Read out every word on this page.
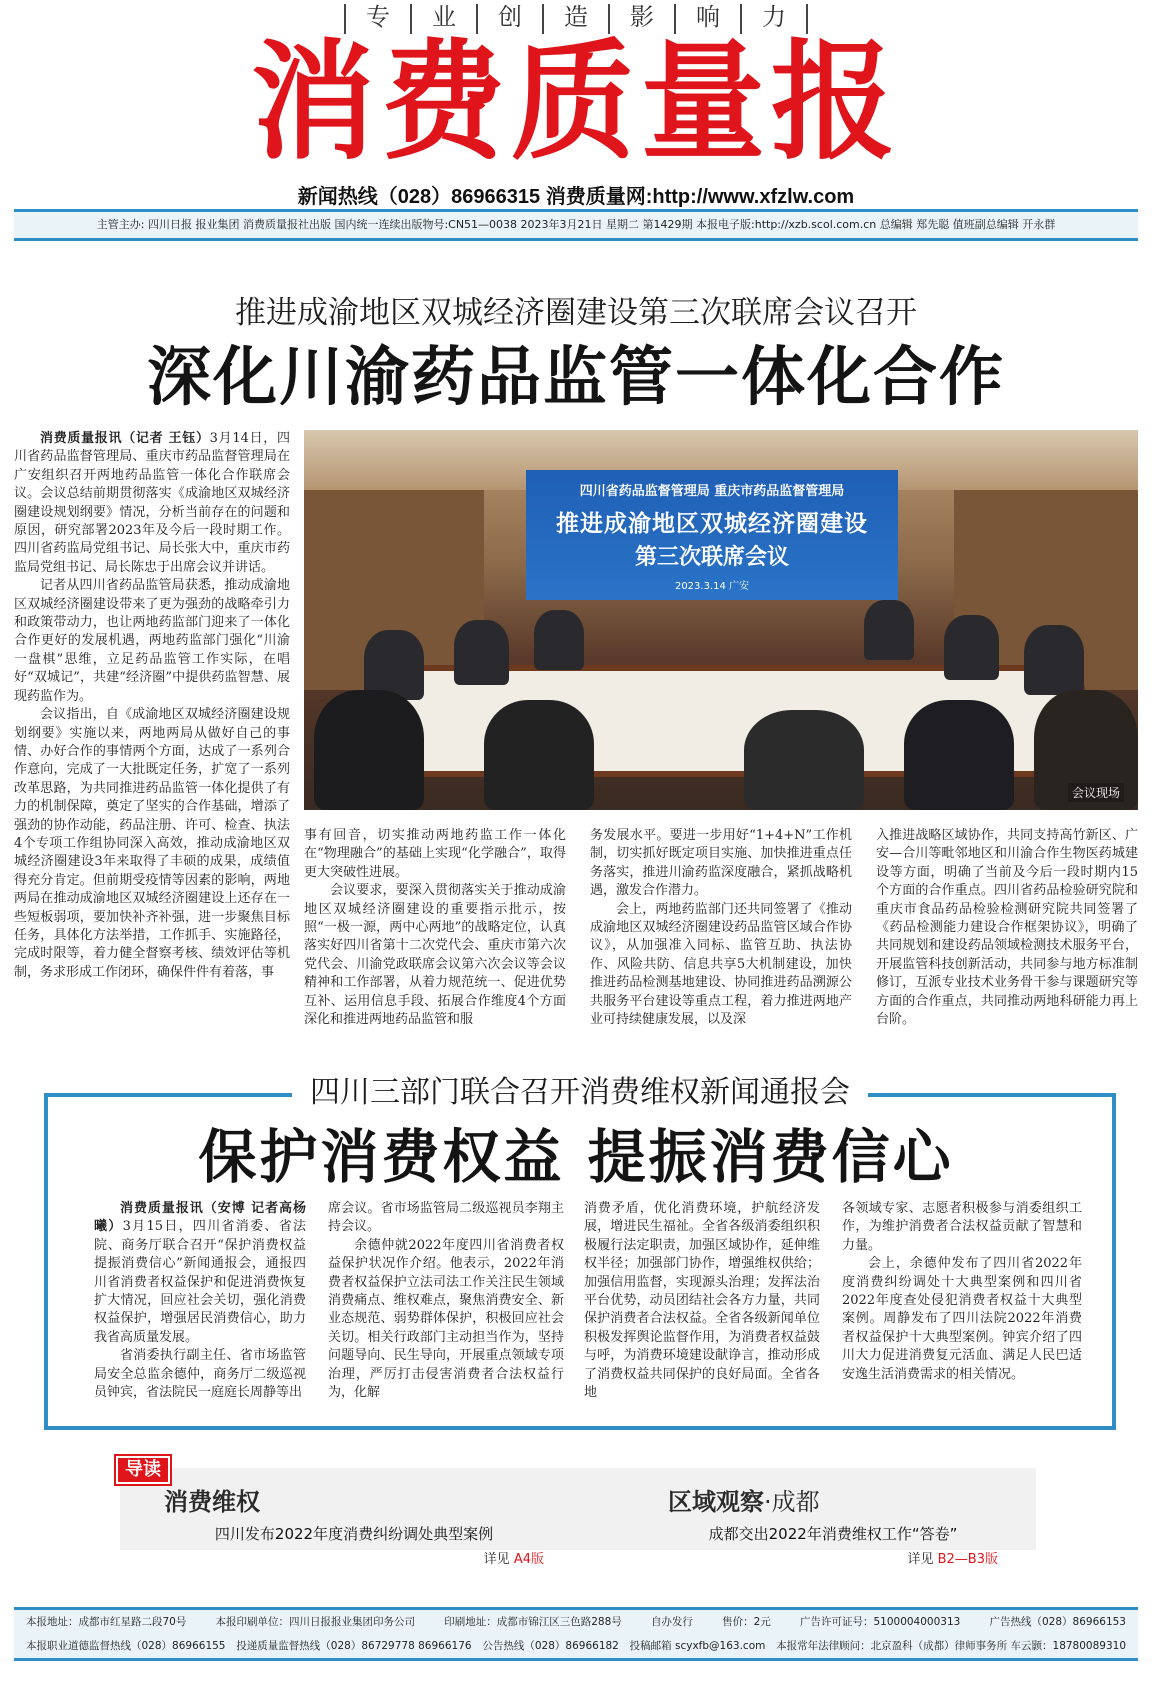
专	业	创	造	影	响	力
消费质量报
新闻热线（028）86966315 消费质量网:http://www.xfzlw.com
主管主办: 四川日报 报业集团 消费质量报社出版 国内统一连续出版物号:CN51—0038 2023年3月21日 星期二 第1429期 本报电子版:http://xzb.scol.com.cn 总编辑 郑先聪 值班副总编辑 开永群
推进成渝地区双城经济圈建设第三次联席会议召开
深化川渝药品监管一体化合作

消费质量报讯（记者 王钰）3月14日，四川省药品监督管理局、重庆市药品监督管理局在广安组织召开两地药品监管一体化合作联席会议。会议总结前期贯彻落实《成渝地区双城经济圈建设规划纲要》情况，分析当前存在的问题和原因，研究部署2023年及今后一段时期工作。四川省药监局党组书记、局长张大中，重庆市药监局党组书记、局长陈忠于出席会议并讲话。

记者从四川省药品监管局获悉，推动成渝地区双城经济圈建设带来了更为强劲的战略牵引力和政策带动力，也让两地药监部门迎来了一体化合作更好的发展机遇，两地药监部门强化“川渝一盘棋”思维，立足药品监管工作实际，在唱好“双城记”，共建“经济圈”中提供药监智慧、展现药监作为。

会议指出，自《成渝地区双城经济圈建设规划纲要》实施以来，两地两局从做好自己的事情、办好合作的事情两个方面，达成了一系列合作意向，完成了一大批既定任务，扩宽了一系列改革思路，为共同推进药品监管一体化提供了有力的机制保障，奠定了坚实的合作基础，增添了强劲的协作动能，药品注册、许可、检查、执法4个专项工作组协同深入高效，推动成渝地区双城经济圈建设3年来取得了丰硕的成果，成绩值得充分肯定。但前期受疫情等因素的影响，两地两局在推动成渝地区双城经济圈建设上还存在一些短板弱项，要加快补齐补强，进一步聚焦目标任务，具体化方法举措，工作抓手、实施路径，完成时限等，着力健全督察考核、绩效评估等机制，务求形成工作闭环，确保件件有着落，事

四川省药品监督管理局 重庆市药品监督管理局
推进成渝地区双城经济圈建设
第三次联席会议
2023.3.14 广安
会议现场

事有回音，切实推动两地药监工作一体化在“物理融合”的基础上实现“化学融合”，取得更大突破性进展。

会议要求，要深入贯彻落实关于推动成渝地区双城经济圈建设的重要指示批示，按照“一极一源，两中心两地”的战略定位，认真落实好四川省第十二次党代会、重庆市第六次党代会、川渝党政联席会议第六次会议等会议精神和工作部署，从着力规范统一、促进优势互补、运用信息手段、拓展合作维度4个方面深化和推进两地药品监管和服

务发展水平。要进一步用好“1+4+N”工作机制，切实抓好既定项目实施、加快推进重点任务落实，推进川渝药监深度融合，紧抓战略机遇，激发合作潜力。

会上，两地药监部门还共同签署了《推动成渝地区双城经济圈建设药品监管区域合作协议》，从加强准入同标、监管互助、执法协作、风险共防、信息共享5大机制建设，加快推进药品检测基地建设、协同推进药品溯源公共服务平台建设等重点工程，着力推进两地产业可持续健康发展，以及深

入推进战略区域协作，共同支持高竹新区、广安—合川等毗邻地区和川渝合作生物医药城建设等方面，明确了当前及今后一段时期内15个方面的合作重点。四川省药品检验研究院和重庆市食品药品检验检测研究院共同签署了《药品检测能力建设合作框架协议》，明确了共同规划和建设药品领域检测技术服务平台，开展监管科技创新活动，共同参与地方标准制修订，互派专业技术业务骨干参与课题研究等方面的合作重点，共同推动两地科研能力再上台阶。

四川三部门联合召开消费维权新闻通报会
保护消费权益 提振消费信心

消费质量报讯（安博 记者高杨曦）3月15日，四川省消委、省法院、商务厅联合召开“保护消费权益 提振消费信心”新闻通报会，通报四川省消费者权益保护和促进消费恢复扩大情况，回应社会关切，强化消费权益保护，增强居民消费信心，助力我省高质量发展。

省消委执行副主任、省市场监管局安全总监余德仲，商务厅二级巡视员钟宾，省法院民一庭庭长周静等出

席会议。省市场监管局二级巡视员李翔主持会议。

余德仲就2022年度四川省消费者权益保护状况作介绍。他表示，2022年消费者权益保护立法司法工作关注民生领域消费痛点、维权难点，聚焦消费安全、新业态规范、弱势群体保护，积极回应社会关切。相关行政部门主动担当作为，坚持问题导向、民生导向，开展重点领域专项治理，严厉打击侵害消费者合法权益行为，化解

消费矛盾，优化消费环境，护航经济发展，增进民生福祉。全省各级消委组织积极履行法定职责，加强区域协作，延伸维权半径；加强部门协作，增强维权供给；加强信用监督，实现源头治理；发挥法治平台优势，动员团结社会各方力量，共同保护消费者合法权益。全省各级新闻单位积极发挥舆论监督作用，为消费者权益鼓与呼，为消费环境建设献诤言，推动形成了消费权益共同保护的良好局面。全省各地

各领域专家、志愿者积极参与消委组织工作，为维护消费者合法权益贡献了智慧和力量。

会上，余德仲发布了四川省2022年度消费纠纷调处十大典型案例和四川省2022年度查处侵犯消费者权益十大典型案例。周静发布了四川法院2022年消费者权益保护十大典型案例。钟宾介绍了四川大力促进消费复元活血、满足人民巴适安逸生活消费需求的相关情况。

导读
消费维权
四川发布2022年度消费纠纷调处典型案例
详见 A4版
区域观察·成都
成都交出2022年消费维权工作“答卷”
详见 B2—B3版
本报地址：成都市红星路二段70号	本报印刷单位：四川日报报业集团印务公司	印刷地址：成都市锦江区三色路288号	自办发行	售价：2元	广告许可证号：5100004000313	广告热线（028）86966153
本报职业道德监督热线（028）86966155 投递质量监督热线（028）86729778 86966176 公告热线（028）86966182 投稿邮箱 scyxfb@163.com 本报常年法律顾问：北京盈科（成都）律师事务所 车云颢：18780089310
